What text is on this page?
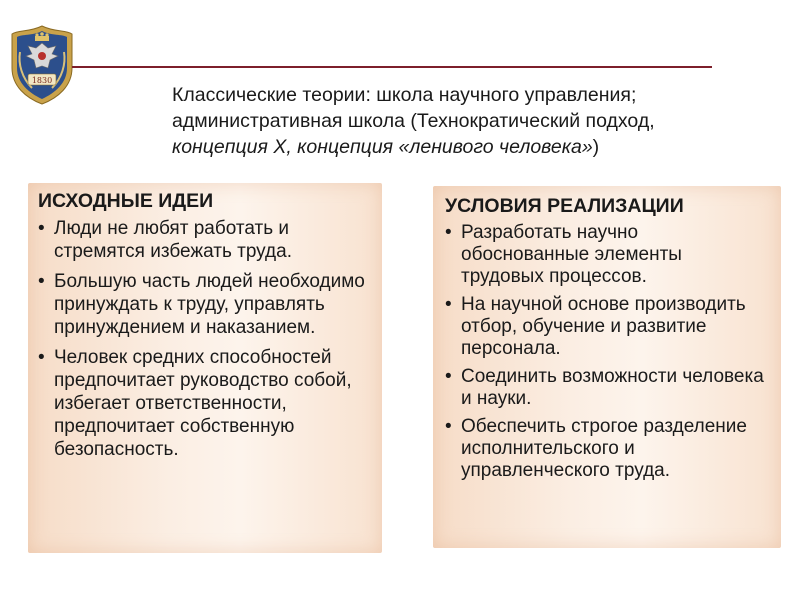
1830
Классические теории: школа научного управления;
административная школа (Технократический подход,
концепция Х, концепция «ленивого человека»)
ИСХОДНЫЕ ИДЕИ
• Люди не любят работать и стремятся избежать труда.
• Большую часть людей необходимо принуждать к труду, управлять принуждением и наказанием.
• Человек средних способностей предпочитает руководство собой, избегает ответственности, предпочитает собственную безопасность.
УСЛОВИЯ РЕАЛИЗАЦИИ
• Разработать научно обоснованные элементы трудовых процессов.
• На научной основе производить отбор, обучение и развитие персонала.
• Соединить возможности человека и науки.
• Обеспечить строгое разделение исполнительского и управленческого труда.
